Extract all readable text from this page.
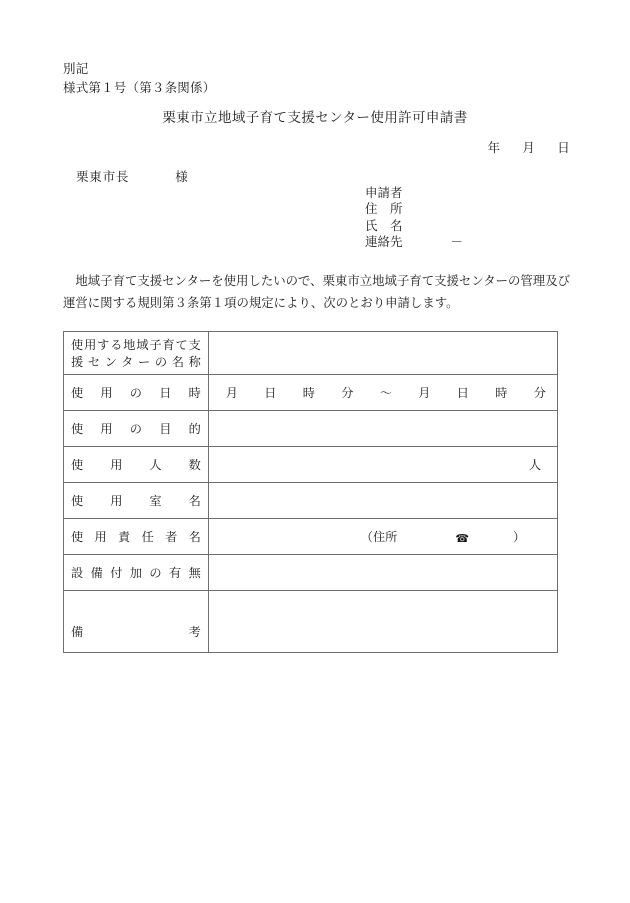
別記
様式第１号（第３条関係）
栗東市立地域子育て支援センター使用許可申請書
年 月 日
栗東市長	様
申請者
住　所
氏　名
連絡先	－
地域子育て支援センターを使用したいので、栗東市立地域子育て支援センターの管理及び運営に関する規則第３条第１項の規定により、次のとおり申請します。
使用する地域子育て支
援センターの名称	

使用の日時	月 日 時 分 ～ 月 日 時 分

使用の目的	

使用人数	人

使用室名	

使用責任者名	（住所 ☎ ）

設備付加の有無	

備考	
